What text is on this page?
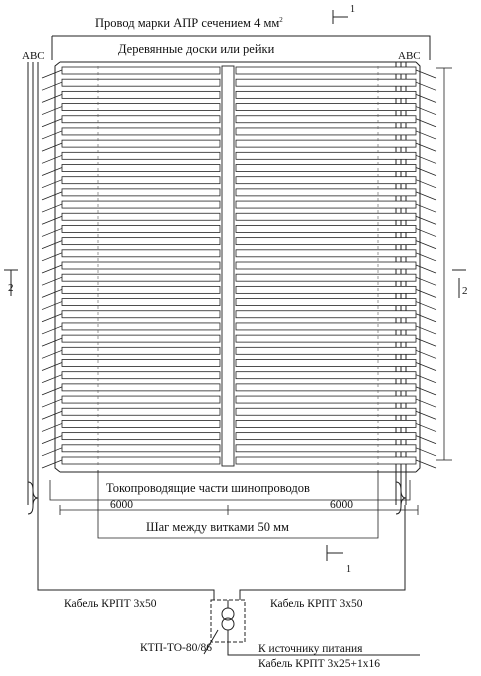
Провод марки АПР сечением 4 $мм^2$
Деревянные доски или рейки
АВС	АВС
1
1
2	2
Токопроводящие части шинопроводов
6000	6000
Шаг между витками 50 мм
Кабель КРПТ 3х50	Кабель КРПТ 3х50
КТП-ТО-80/86	К источнику питания
Кабель КРПТ 3х25+1х16
